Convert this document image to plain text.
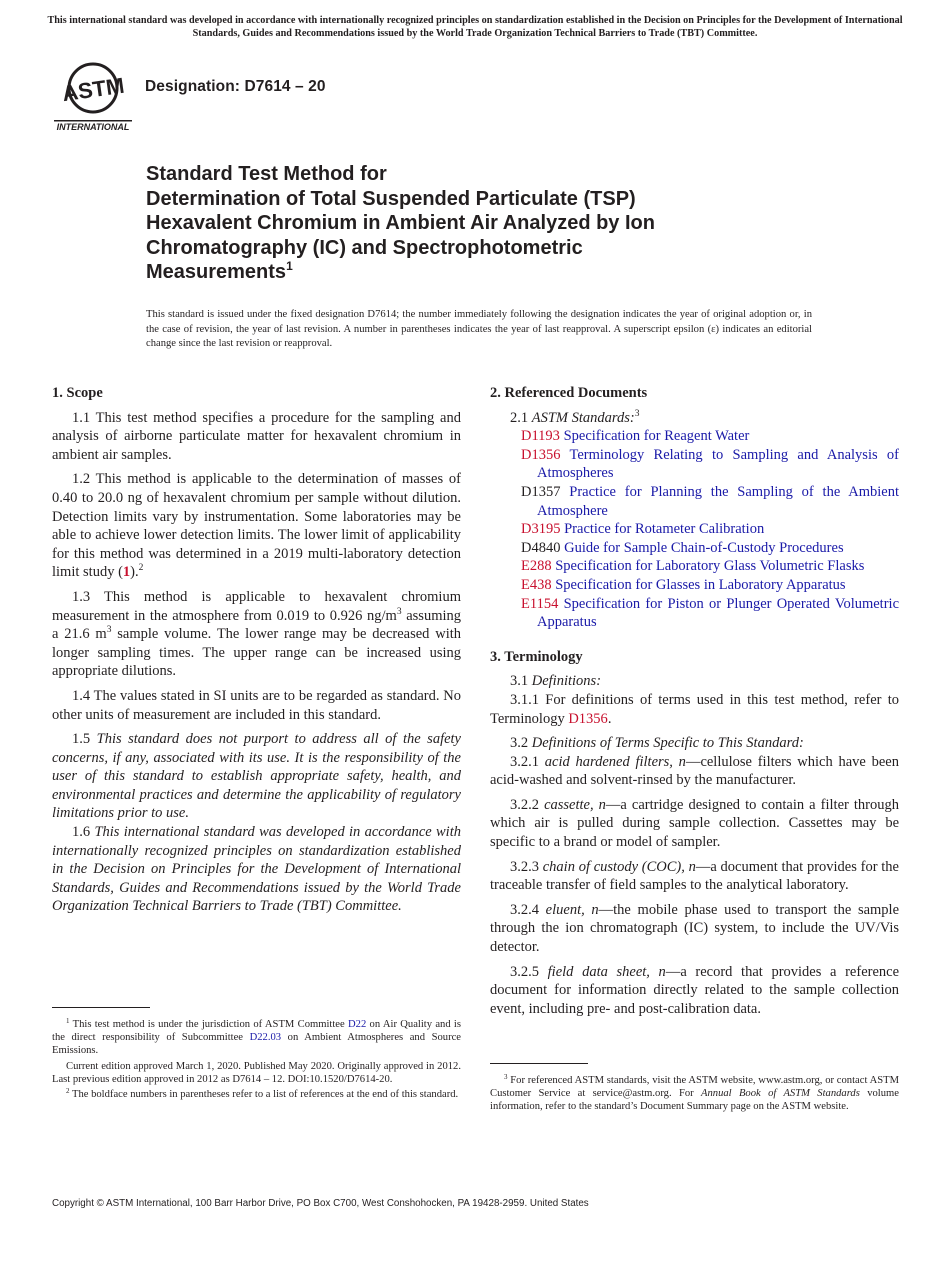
This international standard was developed in accordance with internationally recognized principles on standardization established in the Decision on Principles for the Development of International Standards, Guides and Recommendations issued by the World Trade Organization Technical Barriers to Trade (TBT) Committee.
ASTM
INTERNATIONAL
Designation: D7614 – 20
Standard Test Method for
Determination of Total Suspended Particulate (TSP)
Hexavalent Chromium in Ambient Air Analyzed by Ion
Chromatography (IC) and Spectrophotometric
Measurements$^1$
This standard is issued under the fixed designation D7614; the number immediately following the designation indicates the year of original adoption or, in the case of revision, the year of last revision. A number in parentheses indicates the year of last reapproval. A superscript epsilon (ε) indicates an editorial change since the last revision or reapproval.
1. Scope

1.1 This test method specifies a procedure for the sampling and analysis of airborne particulate matter for hexavalent chromium in ambient air samples.

1.2 This method is applicable to the determination of masses of 0.40 to 20.0 ng of hexavalent chromium per sample without dilution. Detection limits vary by instrumentation. Some laboratories may be able to achieve lower detection limits. The lower limit of applicability for this method was determined in a 2019 multi-laboratory detection limit study (1).$^2$

1.3 This method is applicable to hexavalent chromium measurement in the atmosphere from 0.019 to 0.926 $ng/m^3$ assuming a 21.6 $m^3$ sample volume. The lower range may be decreased with longer sampling times. The upper range can be increased using appropriate dilutions.

1.4 The values stated in SI units are to be regarded as standard. No other units of measurement are included in this standard.

1.5 This standard does not purport to address all of the safety concerns, if any, associated with its use. It is the responsibility of the user of this standard to establish appropriate safety, health, and environmental practices and determine the applicability of regulatory limitations prior to use.

1.6 This international standard was developed in accordance with internationally recognized principles on standardization established in the Decision on Principles for the Development of International Standards, Guides and Recommendations issued by the World Trade Organization Technical Barriers to Trade (TBT) Committee.

2. Referenced Documents

2.1 ASTM Standards:$^3$

D1193 Specification for Reagent Water
D1356 Terminology Relating to Sampling and Analysis of Atmospheres
D1357 Practice for Planning the Sampling of the Ambient Atmosphere
D3195 Practice for Rotameter Calibration
D4840 Guide for Sample Chain-of-Custody Procedures
E288 Specification for Laboratory Glass Volumetric Flasks
E438 Specification for Glasses in Laboratory Apparatus
E1154 Specification for Piston or Plunger Operated Volumetric Apparatus
3. Terminology

3.1 Definitions:

3.1.1 For definitions of terms used in this test method, refer to Terminology D1356.

3.2 Definitions of Terms Specific to This Standard:

3.2.1 acid hardened filters, n—cellulose filters which have been acid-washed and solvent-rinsed by the manufacturer.

3.2.2 cassette, n—a cartridge designed to contain a filter through which air is pulled during sample collection. Cassettes may be specific to a brand or model of sampler.

3.2.3 chain of custody (COC), n—a document that provides for the traceable transfer of field samples to the analytical laboratory.

3.2.4 eluent, n—the mobile phase used to transport the sample through the ion chromatograph (IC) system, to include the UV/Vis detector.

3.2.5 field data sheet, n—a record that provides a reference document for information directly related to the sample collection event, including pre- and post-calibration data.

$^1$ This test method is under the jurisdiction of ASTM Committee D22 on Air Quality and is the direct responsibility of Subcommittee D22.03 on Ambient Atmospheres and Source Emissions.

Current edition approved March 1, 2020. Published May 2020. Originally approved in 2012. Last previous edition approved in 2012 as D7614 – 12. DOI:10.1520/D7614-20.

$^2$ The boldface numbers in parentheses refer to a list of references at the end of this standard.

$^3$ For referenced ASTM standards, visit the ASTM website, www.astm.org, or contact ASTM Customer Service at service@astm.org. For Annual Book of ASTM Standards volume information, refer to the standard’s Document Summary page on the ASTM website.

Copyright © ASTM International, 100 Barr Harbor Drive, PO Box C700, West Conshohocken, PA 19428-2959. United States
